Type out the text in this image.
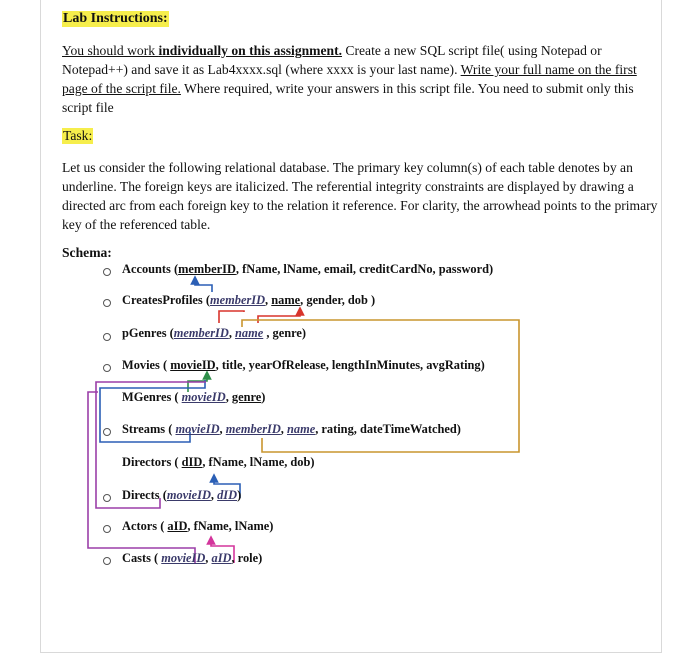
Lab Instructions:
You should work individually on this assignment. Create a new SQL script file( using Notepad or Notepad++) and save it as Lab4xxxx.sql (where xxxx is your last name). Write your full name on the first page of the script file. Where required, write your answers in this script file. You need to submit only this script file
Task:
Let us consider the following relational database. The primary key column(s) of each table denotes by an underline. The foreign keys are italicized. The referential integrity constraints are displayed by drawing a directed arc from each foreign key to the relation it reference. For clarity, the arrowhead points to the primary key of the referenced table.
Schema:
Accounts (memberID, fName, lName, email, creditCardNo, password)
CreatesProfiles (memberID, name, gender, dob )
pGenres (memberID, name , genre)
Movies ( movieID, title, yearOfRelease, lengthInMinutes, avgRating)
MGenres ( movieID, genre)
Streams ( movieID, memberID, name, rating, dateTimeWatched)
Directors ( dID, fName, lName, dob)
Directs (movieID, dID)
Actors ( aID, fName, lName)
Casts ( movieID, aID, role)
